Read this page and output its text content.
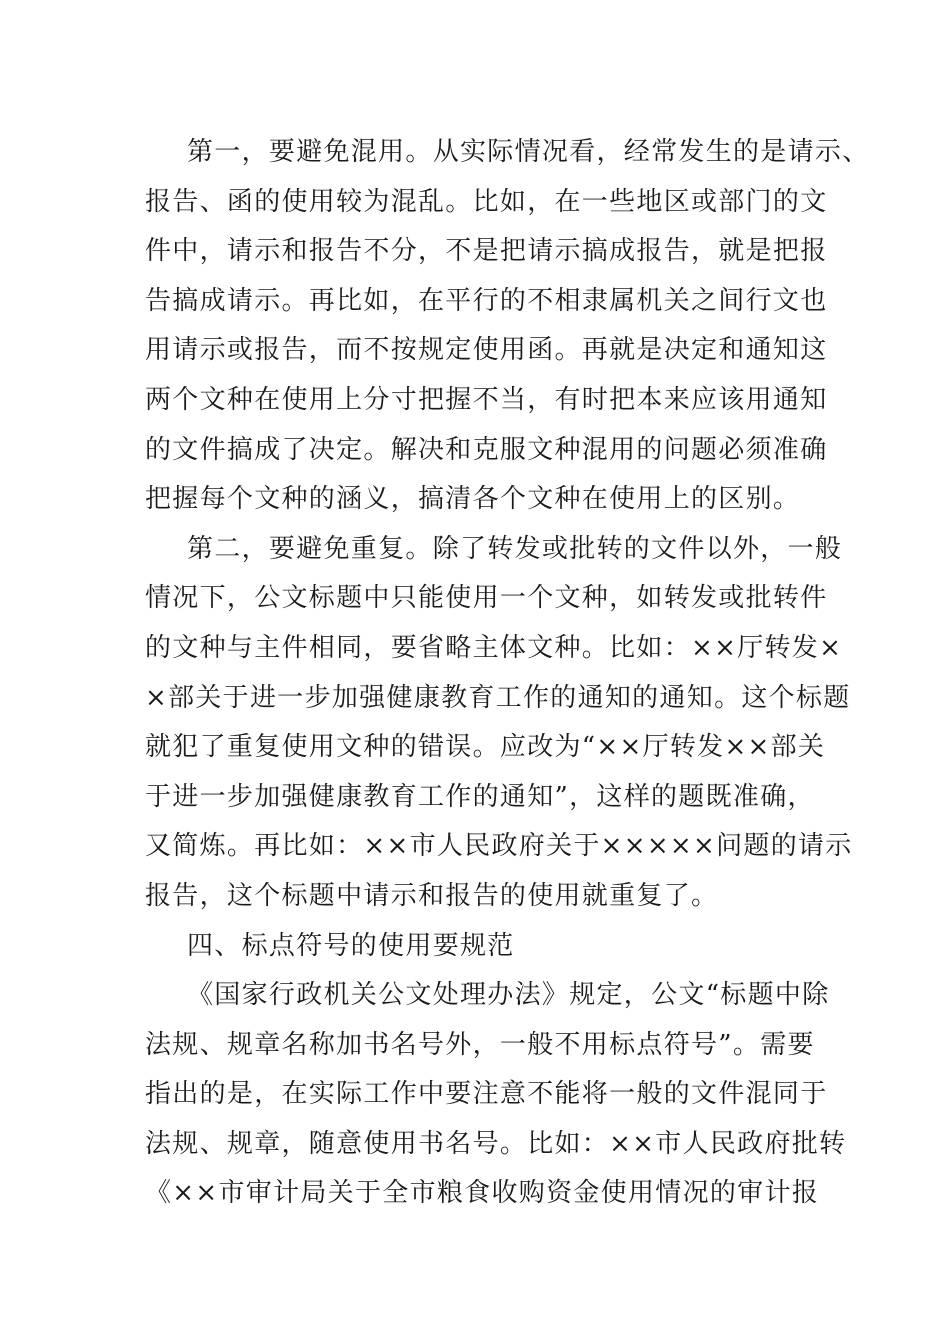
第一，要避免混用。从实际情况看，经常发生的是请示、
报告、函的使用较为混乱。比如，在一些地区或部门的文
件中，请示和报告不分，不是把请示搞成报告，就是把报
告搞成请示。再比如，在平行的不相隶属机关之间行文也
用请示或报告，而不按规定使用函。再就是决定和通知这
两个文种在使用上分寸把握不当，有时把本来应该用通知
的文件搞成了决定。解决和克服文种混用的问题必须准确
把握每个文种的涵义，搞清各个文种在使用上的区别。
第二，要避免重复。除了转发或批转的文件以外，一般
情况下，公文标题中只能使用一个文种，如转发或批转件
的文种与主件相同，要省略主体文种。比如：××厅转发×
×部关于进一步加强健康教育工作的通知的通知。这个标题
就犯了重复使用文种的错误。应改为“××厅转发××部关
于进一步加强健康教育工作的通知”，这样的题既准确，
又简炼。再比如：××市人民政府关于×××××问题的请示
报告，这个标题中请示和报告的使用就重复了。
四、标点符号的使用要规范
《国家行政机关公文处理办法》规定，公文“标题中除
法规、规章名称加书名号外，一般不用标点符号”。需要
指出的是，在实际工作中要注意不能将一般的文件混同于
法规、规章，随意使用书名号。比如：××市人民政府批转
《××市审计局关于全市粮食收购资金使用情况的审计报
